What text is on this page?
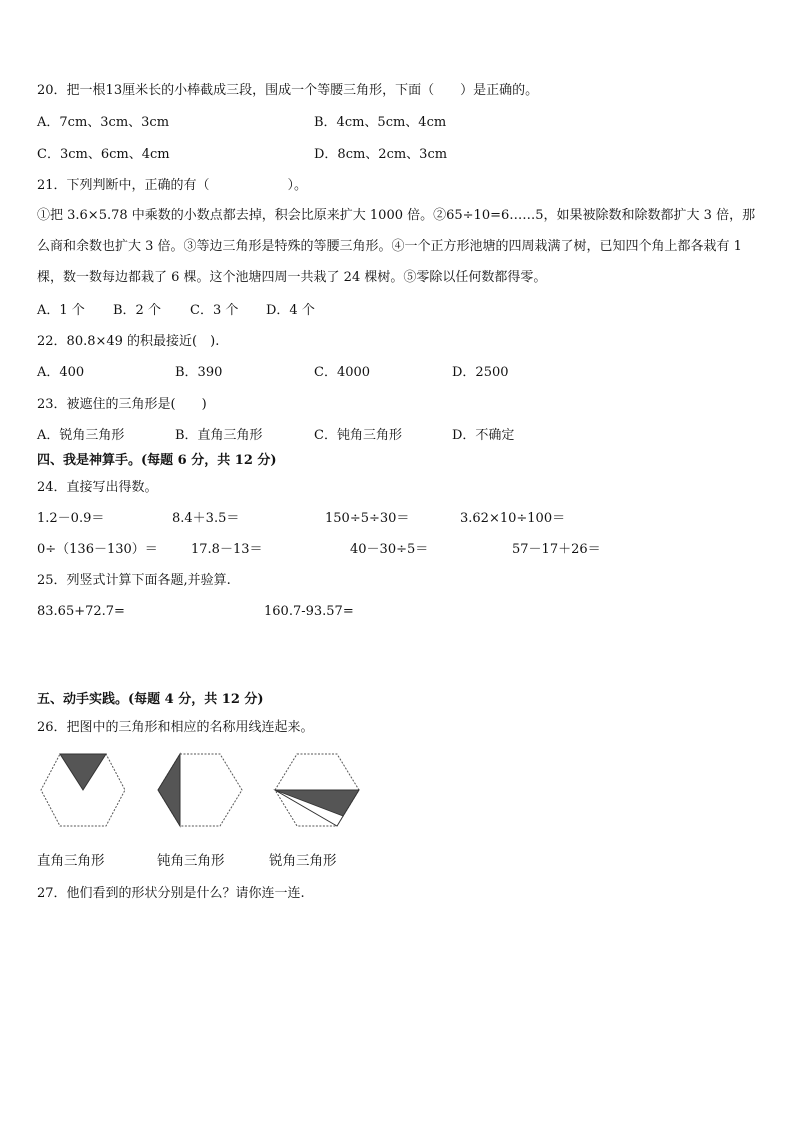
20．把一根13厘米长的小棒截成三段，围成一个等腰三角形，下面（　　）是正确的。
A．7cm、3cm、3cm	B．4cm、5cm、4cm
C．3cm、6cm、4cm	D．8cm、2cm、3cm
21．下列判断中，正确的有（　　　　　　）。
①把 3.6×5.78 中乘数的小数点都去掉，积会比原来扩大 1000 倍。②65÷10=6……5，如果被除数和除数都扩大 3 倍，那么商和余数也扩大 3 倍。③等边三角形是特殊的等腰三角形。④一个正方形池塘的四周栽满了树，已知四个角上都各栽有 1 棵，数一数每边都栽了 6 棵。这个池塘四周一共栽了 24 棵树。⑤零除以任何数都得零。
A．1 个 B．2 个 C．3 个 D．4 个
22．80.8×49 的积最接近(　).
A．400	B．390	C．4000	D．2500
23．被遮住的三角形是(　　)
A．锐角三角形	B．直角三角形	C．钝角三角形	D．不确定
四、我是神算手。(每题 6 分，共 12 分)
24．直接写出得数。
1.2－0.9＝	8.4＋3.5＝	150÷5÷30＝	3.62×10÷100＝
0÷（136－130）＝	17.8－13＝	40－30÷5＝	57－17＋26＝
25．列竖式计算下面各题,并验算.
83.65+72.7=	160.7-93.57=
五、动手实践。(每题 4 分，共 12 分)
26．把图中的三角形和相应的名称用线连起来。
直角三角形	钝角三角形	锐角三角形
27．他们看到的形状分别是什么？请你连一连.
